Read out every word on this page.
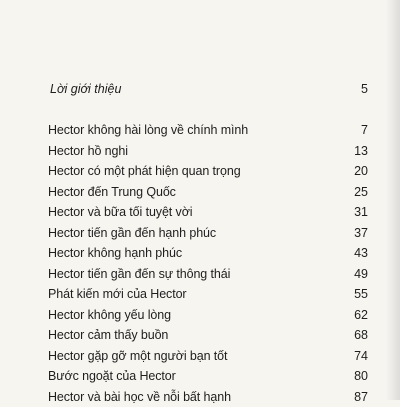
Lời giới thiệu	5
Hector không hài lòng về chính mình	7
Hector hồ nghi	13
Hector có một phát hiện quan trọng	20
Hector đến Trung Quốc	25
Hector và bữa tối tuyệt vời	31
Hector tiến gần đến hạnh phúc	37
Hector không hạnh phúc	43
Hector tiến gần đến sự thông thái	49
Phát kiến mới của Hector	55
Hector không yếu lòng	62
Hector cảm thấy buồn	68
Hector gặp gỡ một người bạn tốt	74
Bước ngoặt của Hector	80
Hector và bài học về nỗi bất hạnh	87
